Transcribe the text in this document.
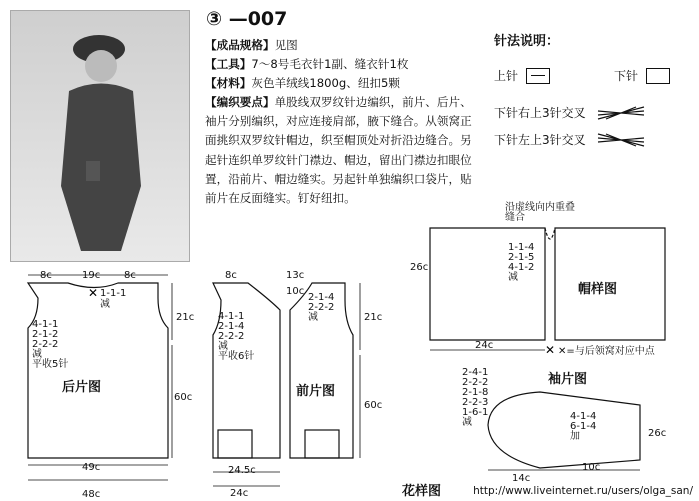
③ —007

【成品规格】见图

【工具】7～8号毛衣针1副、缝衣针1枚

【材料】灰色羊绒线1800g、纽扣5颗

【编织要点】单股线双罗纹针边编织，前片、后片、袖片分别编织，对应连接肩部，腋下缝合。从领窝正面挑织双罗纹针帽边，织至帽顶处对折沿边缝合。另起针连织单罗纹针门襟边、帽边，留出门襟边扣眼位置，沿前片、帽边缝实。另起针单独编织口袋片，贴前片在反面缝实。钉好纽扣。

针法说明：
上针	下针
下针右上3针交叉
下针左上3针交叉
✕
✕
8c	19c 8c
1-1-1
减
4-1-1
2-1-2
2-2-2
减
平收5针
21c
60c
后片图
49c
48c
8c	13c
10c
2-1-4
2-2-2
减
4-1-1
2-1-4
2-2-2
减
平收6针
21c
60c
前片图
24.5c
24c
沿虚线向内重叠缝合
1-1-4
2-1-5
4-1-2
减
26c
帽样图
24c
✕=与后领窝对应中点
2-4-1
2-2-2
2-1-8
2-2-3
1-6-1
减
袖片图
4-1-4
6-1-4
加	26c
14c
10c
花样图	http://www.liveinternet.ru/users/olga_san/
